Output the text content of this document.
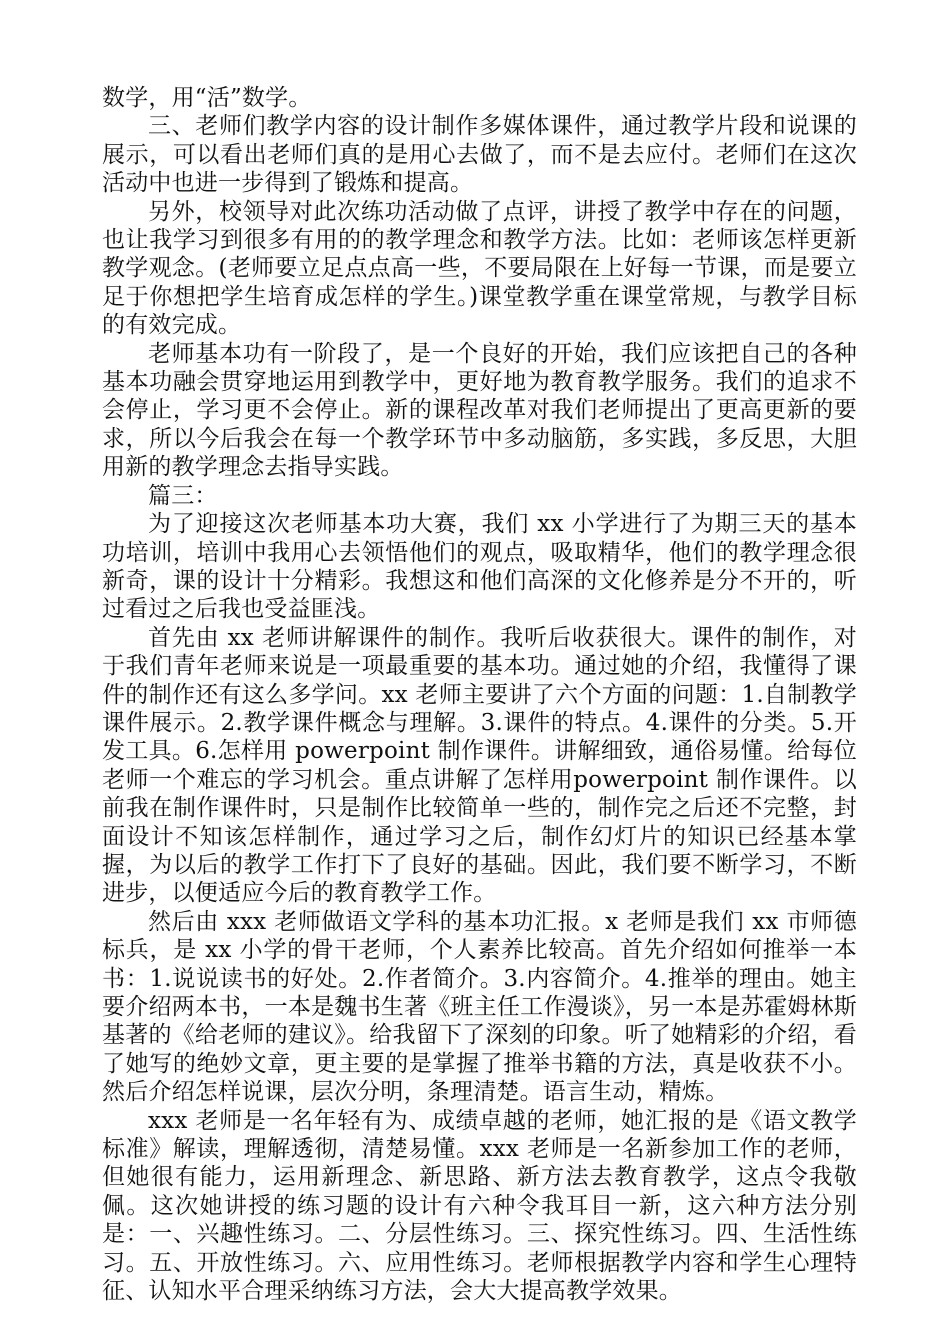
数学，用“活”数学。

三、老师们教学内容的设计制作多媒体课件，通过教学片段和说课的展示，可以看出老师们真的是用心去做了，而不是去应付。老师们在这次活动中也进一步得到了锻炼和提高。

另外，校领导对此次练功活动做了点评，讲授了教学中存在的问题，也让我学习到很多有用的的教学理念和教学方法。比如：老师该怎样更新教学观念。(老师要立足点点高一些，不要局限在上好每一节课，而是要立足于你想把学生培育成怎样的学生。)课堂教学重在课堂常规，与教学目标的有效完成。

老师基本功有一阶段了，是一个良好的开始，我们应该把自己的各种基本功融会贯穿地运用到教学中，更好地为教育教学服务。我们的追求不会停止，学习更不会停止。新的课程改革对我们老师提出了更高更新的要求，所以今后我会在每一个教学环节中多动脑筋，多实践，多反思，大胆用新的教学理念去指导实践。

篇三：

为了迎接这次老师基本功大赛，我们 xx 小学进行了为期三天的基本功培训，培训中我用心去领悟他们的观点，吸取精华，他们的教学理念很新奇，课的设计十分精彩。我想这和他们高深的文化修养是分不开的，听过看过之后我也受益匪浅。

首先由 xx 老师讲解课件的制作。我听后收获很大。课件的制作，对于我们青年老师来说是一项最重要的基本功。通过她的介绍，我懂得了课件的制作还有这么多学问。xx 老师主要讲了六个方面的问题：1.自制教学课件展示。2.教学课件概念与理解。3.课件的特点。4.课件的分类。5.开发工具。6.怎样用 powerpoint 制作课件。讲解细致，通俗易懂。给每位老师一个难忘的学习机会。重点讲解了怎样用powerpoint 制作课件。以前我在制作课件时，只是制作比较简单一些的，制作完之后还不完整，封面设计不知该怎样制作，通过学习之后，制作幻灯片的知识已经基本掌握，为以后的教学工作打下了良好的基础。因此，我们要不断学习，不断进步，以便适应今后的教育教学工作。

然后由 xxx 老师做语文学科的基本功汇报。x 老师是我们 xx 市师德标兵，是 xx 小学的骨干老师，个人素养比较高。首先介绍如何推举一本书：1.说说读书的好处。2.作者简介。3.内容简介。4.推举的理由。她主要介绍两本书，一本是魏书生著《班主任工作漫谈》，另一本是苏霍姆林斯基著的《给老师的建议》。给我留下了深刻的印象。听了她精彩的介绍，看了她写的绝妙文章，更主要的是掌握了推举书籍的方法，真是收获不小。然后介绍怎样说课，层次分明，条理清楚。语言生动，精炼。

xxx 老师是一名年轻有为、成绩卓越的老师，她汇报的是《语文教学标准》解读，理解透彻，清楚易懂。xxx 老师是一名新参加工作的老师，但她很有能力，运用新理念、新思路、新方法去教育教学，这点令我敬佩。这次她讲授的练习题的设计有六种令我耳目一新，这六种方法分别是：一、兴趣性练习。二、分层性练习。三、探究性练习。四、生活性练习。五、开放性练习。六、应用性练习。老师根据教学内容和学生心理特征、认知水平合理采纳练习方法，会大大提高教学效果。
